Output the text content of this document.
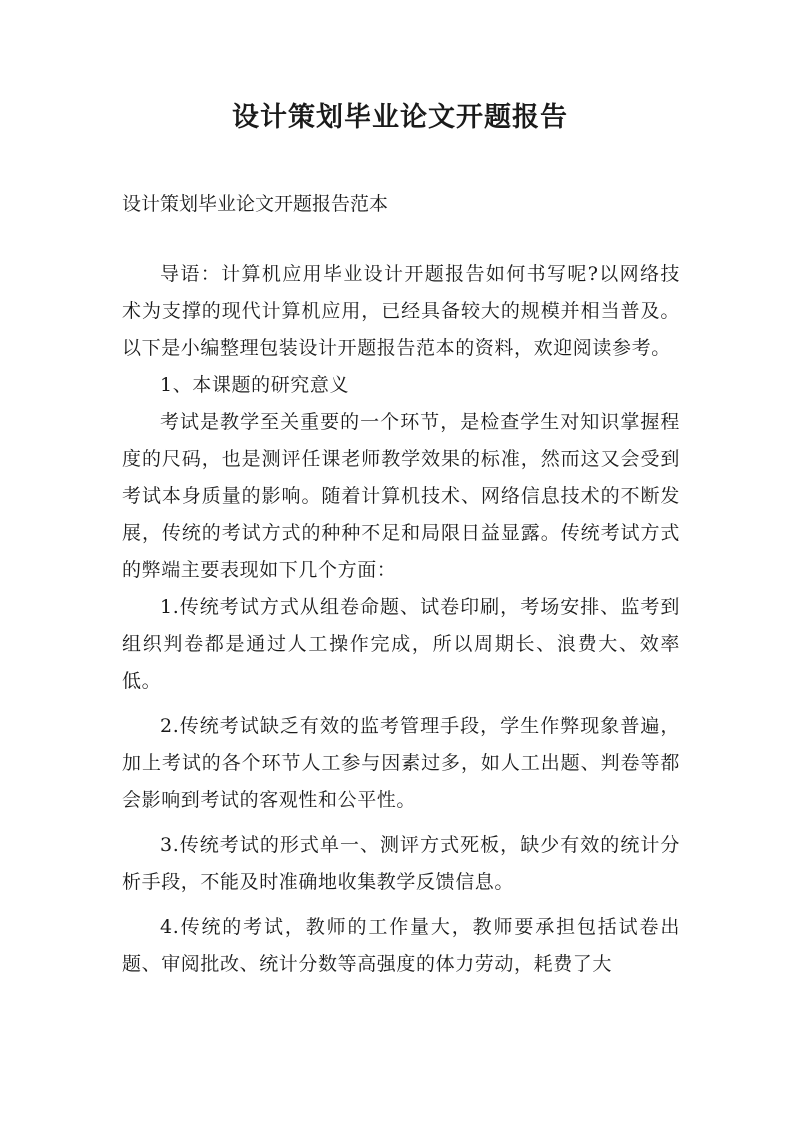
设计策划毕业论文开题报告

设计策划毕业论文开题报告范本

导语：计算机应用毕业设计开题报告如何书写呢?以网络技术为支撑的现代计算机应用，已经具备较大的规模并相当普及。以下是小编整理包装设计开题报告范本的资料，欢迎阅读参考。

1、本课题的研究意义

考试是教学至关重要的一个环节，是检查学生对知识掌握程度的尺码，也是测评任课老师教学效果的标准，然而这又会受到考试本身质量的影响。随着计算机技术、网络信息技术的不断发展，传统的考试方式的种种不足和局限日益显露。传统考试方式的弊端主要表现如下几个方面：

1.传统考试方式从组卷命题、试卷印刷，考场安排、监考到组织判卷都是通过人工操作完成，所以周期长、浪费大、效率低。

2.传统考试缺乏有效的监考管理手段，学生作弊现象普遍，加上考试的各个环节人工参与因素过多，如人工出题、判卷等都会影响到考试的客观性和公平性。

3.传统考试的形式单一、测评方式死板，缺少有效的统计分析手段，不能及时准确地收集教学反馈信息。

4.传统的考试，教师的工作量大，教师要承担包括试卷出题、审阅批改、统计分数等高强度的体力劳动，耗费了大
